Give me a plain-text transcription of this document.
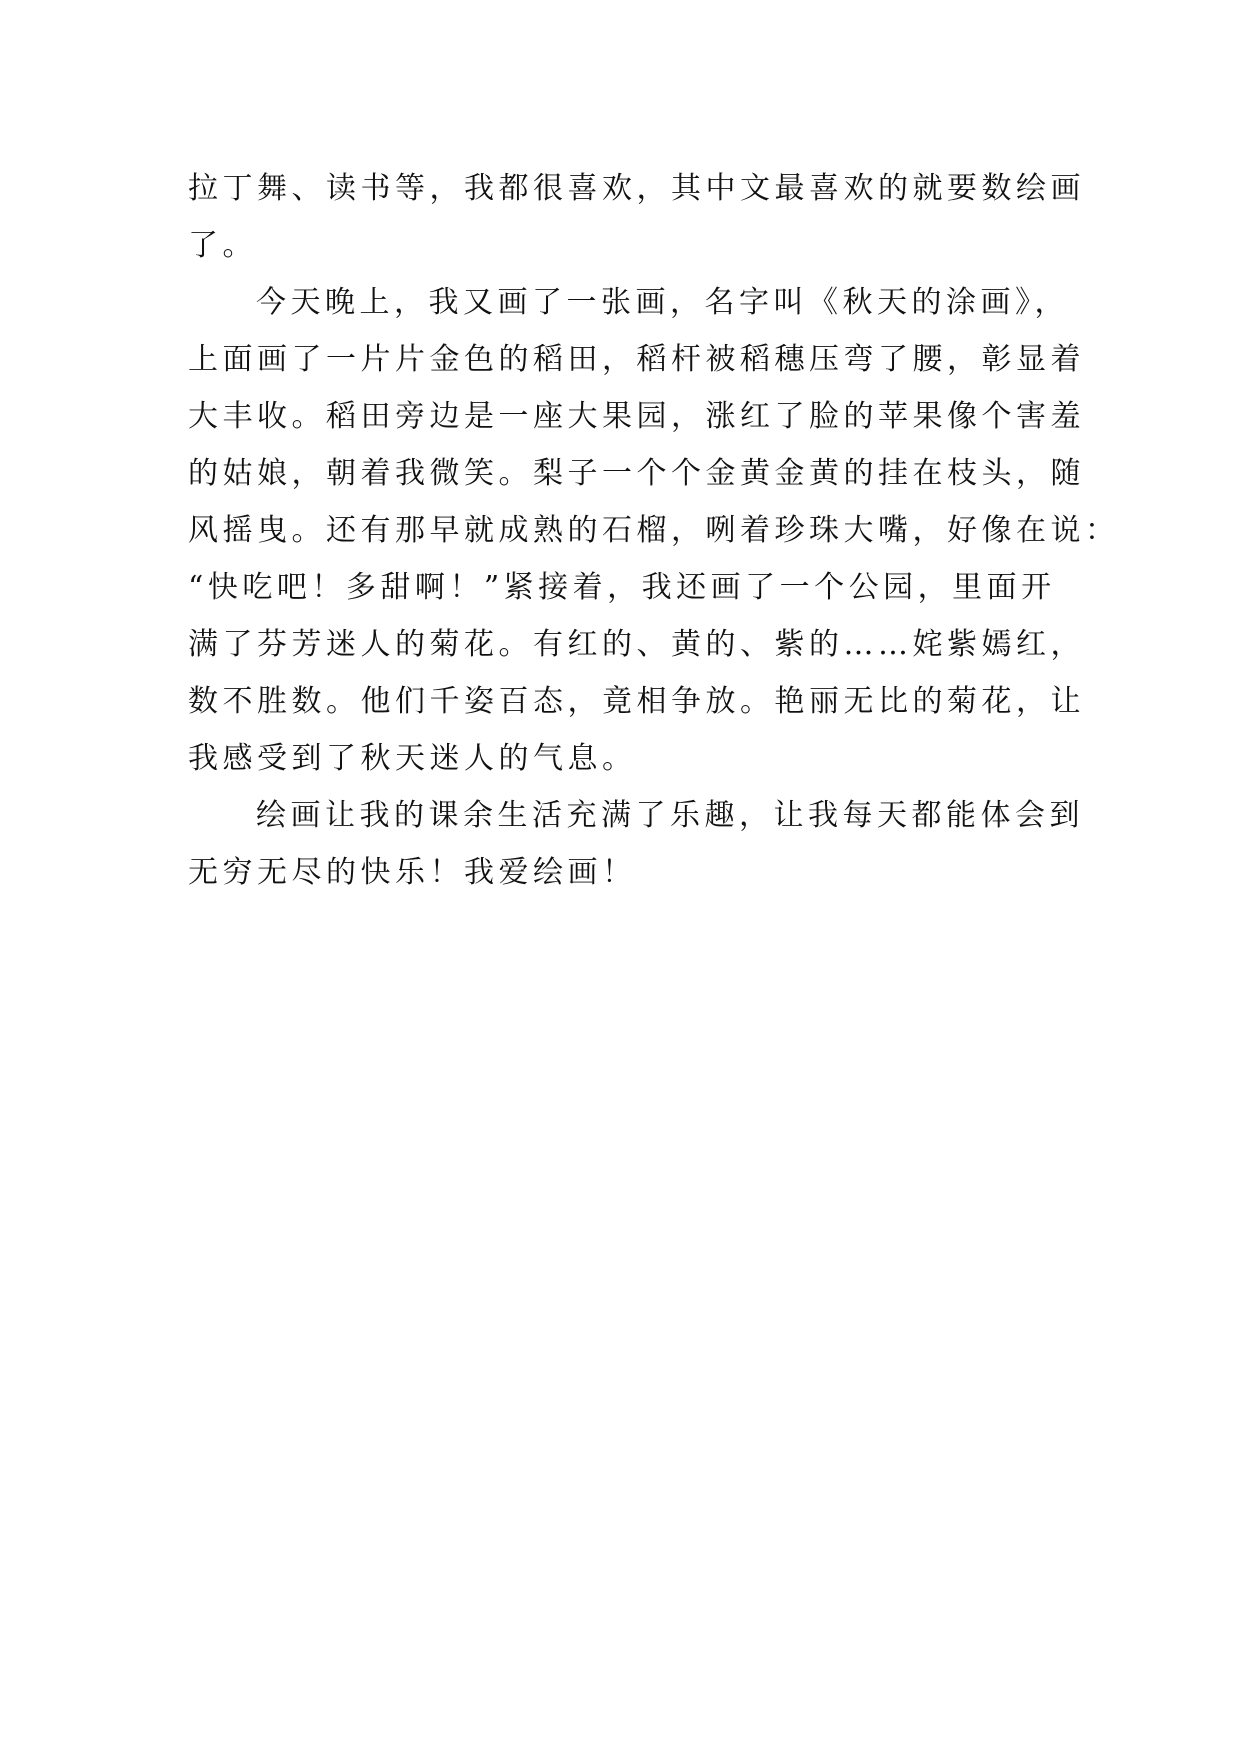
拉丁舞、读书等，我都很喜欢，其中文最喜欢的就要数绘画
了。
今天晚上，我又画了一张画，名字叫《秋天的涂画》，
上面画了一片片金色的稻田，稻杆被稻穗压弯了腰，彰显着
大丰收。稻田旁边是一座大果园，涨红了脸的苹果像个害羞
的姑娘，朝着我微笑。梨子一个个金黄金黄的挂在枝头，随
风摇曳。还有那早就成熟的石榴，咧着珍珠大嘴，好像在说：
“快吃吧！多甜啊！”紧接着，我还画了一个公园，里面开
满了芬芳迷人的菊花。有红的、黄的、紫的……姹紫嫣红，
数不胜数。他们千姿百态，竟相争放。艳丽无比的菊花，让
我感受到了秋天迷人的气息。
绘画让我的课余生活充满了乐趣，让我每天都能体会到
无穷无尽的快乐！我爱绘画！
